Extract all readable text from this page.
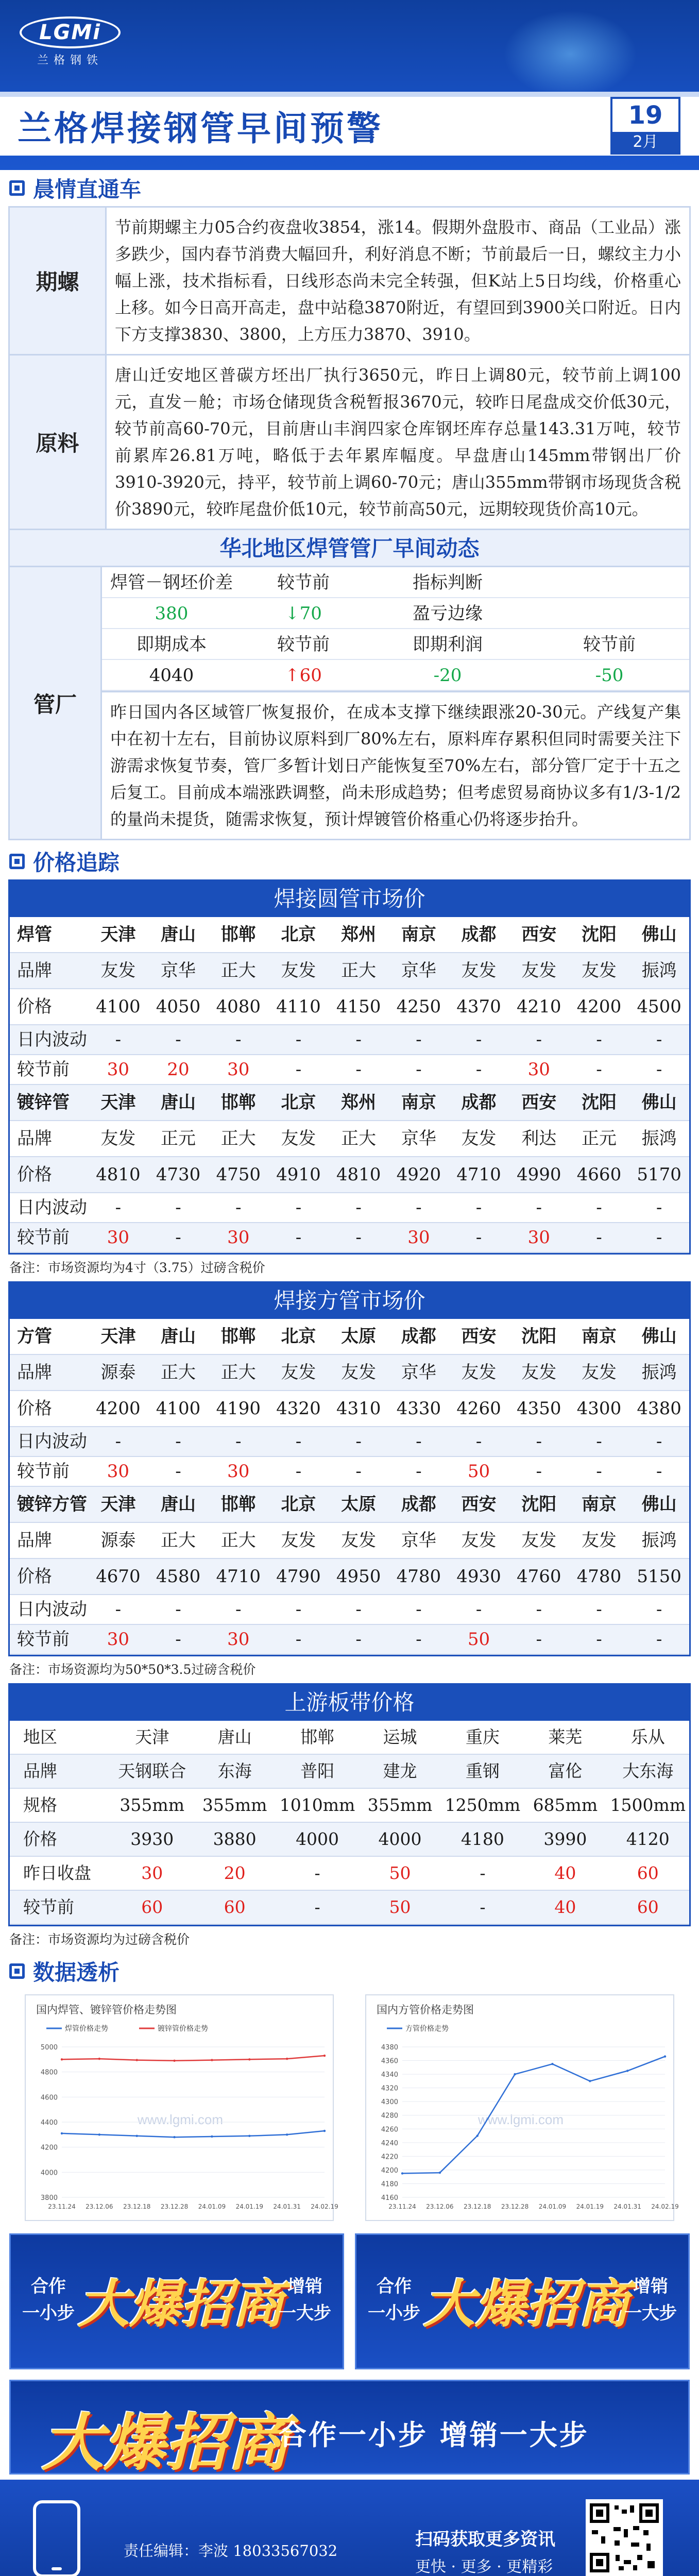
LGMi
兰格钢铁
兰格焊接钢管早间预警	19
2月
晨情直通车
期螺
节前期螺主力05合约夜盘收3854，涨14。假期外盘股市、商品（工业品）涨多跌少，国内春节消费大幅回升，利好消息不断；节前最后一日，螺纹主力小幅上涨，技术指标看，日线形态尚未完全转强，但K站上5日均线，价格重心上移。如今日高开高走，盘中站稳3870附近，有望回到3900关口附近。日内下方支撑3830、3800，上方压力3870、3910。
原料
唐山迁安地区普碳方坯出厂执行3650元，昨日上调80元，较节前上调100元，直发－舱；市场仓储现货含税暂报3670元，较昨日尾盘成交价低30元，较节前高60-70元，目前唐山丰润四家仓库钢坯库存总量143.31万吨，较节前累库26.81万吨，略低于去年累库幅度。早盘唐山145mm带钢出厂价3910-3920元，持平，较节前上调60-70元；唐山355mm带钢市场现货含税价3890元，较昨尾盘价低10元，较节前高50元，远期较现货价高10元。
华北地区焊管管厂早间动态
管厂
焊管－钢坯价差	较节前	指标判断
380	↓70	盈亏边缘
即期成本	较节前	即期利润	较节前
4040	↑60	-20	-50
昨日国内各区域管厂恢复报价，在成本支撑下继续跟涨20-30元。产线复产集中在初十左右，目前协议原料到厂80%左右，原料库存累积但同时需要关注下游需求恢复节奏，管厂多暂计划日产能恢复至70%左右，部分管厂定于十五之后复工。目前成本端涨跌调整，尚未形成趋势；但考虑贸易商协议多有1/3-1/2的量尚未提货，随需求恢复，预计焊镀管价格重心仍将逐步抬升。
价格追踪
焊接圆管市场价
焊管	天津	唐山	邯郸	北京	郑州	南京	成都	西安	沈阳	佛山
品牌	友发	京华	正大	友发	正大	京华	友发	友发	友发	振鸿
价格	4100 4050 4080 4110 4150 4250 4370 4210 4200 4500
日内波动	-	-	-	-	-	-	-	-	-	-
较节前	30	20	30	-	-	-	-	30	-	-
镀锌管	天津	唐山	邯郸	北京	郑州	南京	成都	西安	沈阳	佛山
品牌	友发	正元	正大	友发	正大	京华	友发	利达	正元	振鸿
价格	4810 4730 4750 4910 4810 4920 4710 4990 4660 5170
日内波动	-	-	-	-	-	-	-	-	-	-
较节前	30	-	30	-	-	30	-	30	-	-
备注：市场资源均为4寸（3.75）过磅含税价
焊接方管市场价
方管	天津	唐山	邯郸	北京	太原	成都	西安	沈阳	南京	佛山
品牌	源泰	正大	正大	友发	友发	京华	友发	友发	友发	振鸿
价格	4200 4100 4190 4320 4310 4330 4260 4350 4300 4380
日内波动	-	-	-	-	-	-	-	-	-	-
较节前	30	-	30	-	-	-	50	-	-	-
镀锌方管 天津	唐山	邯郸	北京	太原	成都	西安	沈阳	南京	佛山
品牌	源泰	正大	正大	友发	友发	京华	友发	友发	友发	振鸿
价格	4670 4580 4710 4790 4950 4780 4930 4760 4780 5150
日内波动	-	-	-	-	-	-	-	-	-	-
较节前	30	-	30	-	-	-	50	-	-	-
备注：市场资源均为50*50*3.5过磅含税价
上游板带价格
地区	天津	唐山	邯郸	运城	重庆	莱芜	乐从
品牌	天钢联合	东海	普阳	建龙	重钢	富伦	大东海
规格	355mm	355mm 1010mm 355mm 1250mm 685mm 1500mm
价格	3930	3880	4000	4000	4180	3990	4120
昨日收盘	30	20	-	50	-	40	60
较节前	60	60	-	50	-	40	60
备注：市场资源均为过磅含税价
数据透析
国内焊管、镀锌管价格走势图
www.lgmi.com
3800
4000
4200
4400
4600
4800
5000
23.11.24 23.12.06 23.12.18 23.12.28 24.01.09 24.01.19 24.01.31 24.02.19
焊管价格走势	镀锌管价格走势
国内方管价格走势图
www.lgmi.com
4160
4180
4200
4220
4240
4260
4280
4300
4320
4340
4360
4380
23.11.24 23.12.06 23.12.18 23.12.28 24.01.09 24.01.19 24.01.31 24.02.19
方管价格走势
合作
一小步 大爆招商 增销
一大步
合作
一小步 大爆招商 增销
一大步
大爆招商
合作一小步 增销一大步
责任编辑：李波 18033567032
扫码获取更多资讯
更快 · 更多 · 更精彩
